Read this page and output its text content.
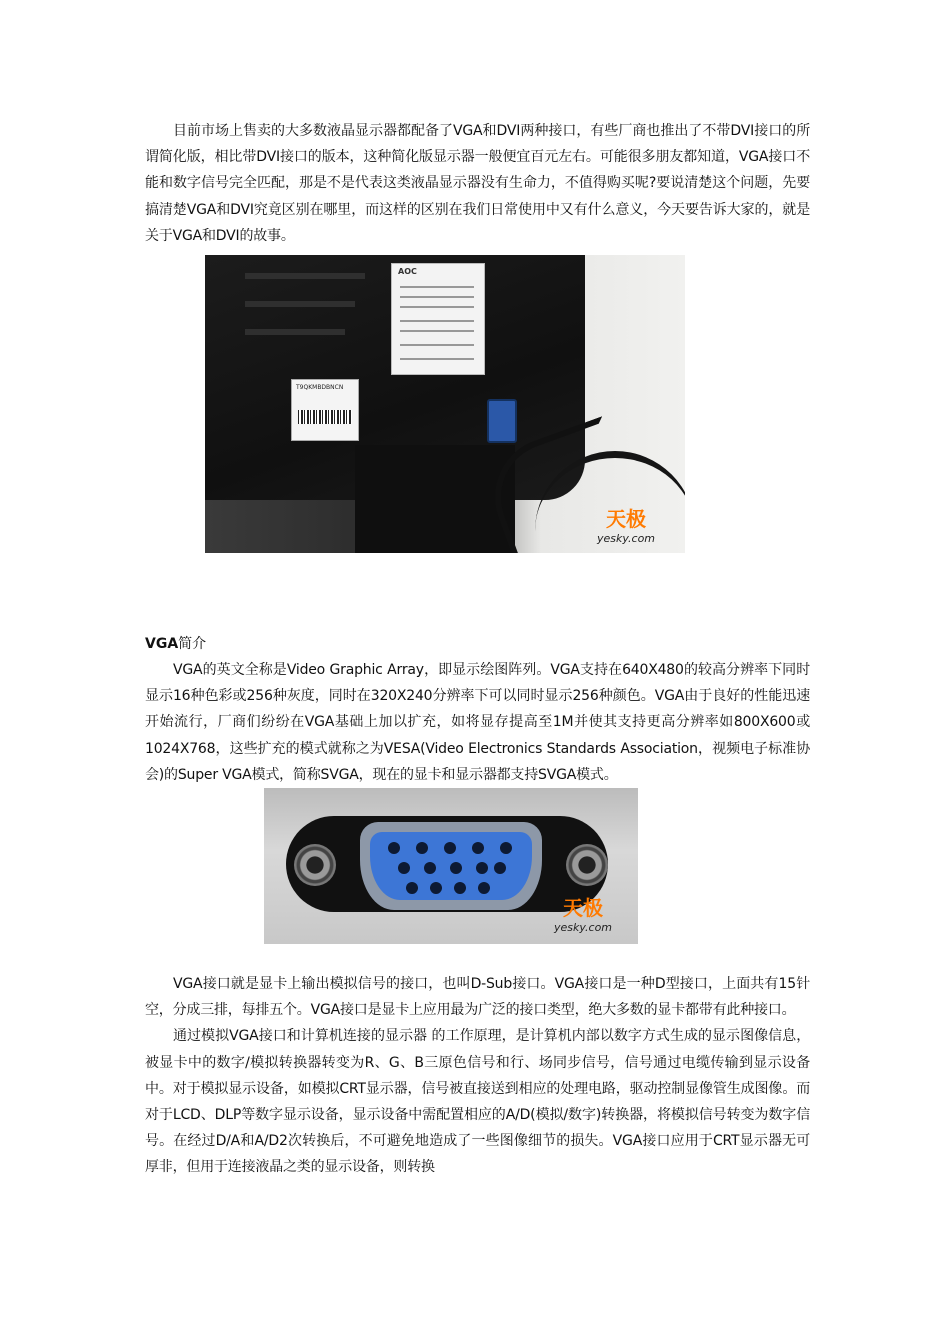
目前市场上售卖的大多数液晶显示器都配备了VGA和DVI两种接口，有些厂商也推出了不带DVI接口的所谓简化版，相比带DVI接口的版本，这种简化版显示器一般便宜百元左右。可能很多朋友都知道，VGA接口不能和数字信号完全匹配，那是不是代表这类液晶显示器没有生命力，不值得购买呢?要说清楚这个问题，先要搞清楚VGA和DVI究竟区别在哪里，而这样的区别在我们日常使用中又有什么意义，今天要告诉大家的，就是关于VGA和DVI的故事。

AOC
T9QKMBDBNCN
天极
yesky.com
VGA简介

VGA的英文全称是Video Graphic Array，即显示绘图阵列。VGA支持在640X480的较高分辨率下同时显示16种色彩或256种灰度，同时在320X240分辨率下可以同时显示256种颜色。VGA由于良好的性能迅速开始流行，厂商们纷纷在VGA基础上加以扩充，如将显存提高至1M并使其支持更高分辨率如800X600或1024X768，这些扩充的模式就称之为VESA(Video Electronics Standards Association，视频电子标准协会)的Super VGA模式，简称SVGA，现在的显卡和显示器都支持SVGA模式。

天极
yesky.com

VGA接口就是显卡上输出模拟信号的接口，也叫D-Sub接口。VGA接口是一种D型接口，上面共有15针空，分成三排，每排五个。VGA接口是显卡上应用最为广泛的接口类型，绝大多数的显卡都带有此种接口。

通过模拟VGA接口和计算机连接的显示器 的工作原理，是计算机内部以数字方式生成的显示图像信息，被显卡中的数字/模拟转换器转变为R、G、B三原色信号和行、场同步信号，信号通过电缆传输到显示设备中。对于模拟显示设备，如模拟CRT显示器，信号被直接送到相应的处理电路，驱动控制显像管生成图像。而对于LCD、DLP等数字显示设备，显示设备中需配置相应的A/D(模拟/数字)转换器，将模拟信号转变为数字信号。在经过D/A和A/D2次转换后，不可避免地造成了一些图像细节的损失。VGA接口应用于CRT显示器无可厚非，但用于连接液晶之类的显示设备，则转换
